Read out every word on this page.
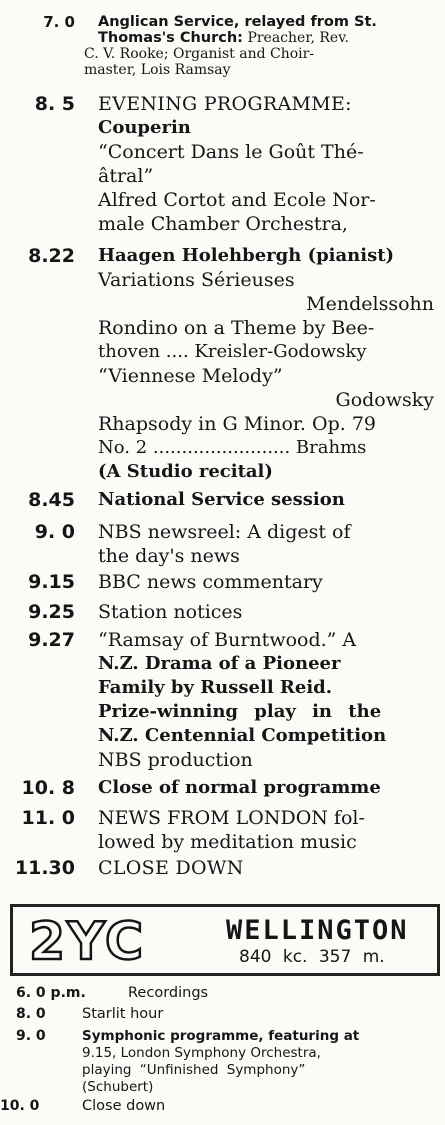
7. 0 Anglican Service, relayed from St.
Thomas's Church: Preacher, Rev.
C. V. Rooke; Organist and Choir-
master, Lois Ramsay
8. 5 EVENING PROGRAMME:
Couperin
“Concert Dans le Goût Thé-
âtral”
Alfred Cortot and Ecole Nor-
male Chamber Orchestra,
8.22 Haagen Holehbergh (pianist)
Variations Sérieuses
Mendelssohn
Rondino on a Theme by Bee-
thoven .... Kreisler-Godowsky
“Viennese Melody”
Godowsky
Rhapsody in G Minor. Op. 79
No. 2 ........................ Brahms
(A Studio recital)
8.45 National Service session
9. 0 NBS newsreel: A digest of
the day's news
9.15 BBC news commentary
9.25 Station notices
9.27 “Ramsay of Burntwood.” A
N.Z. Drama of a Pioneer
Family by Russell Reid.
Prize-winning play in the
N.Z. Centennial Competition
NBS production
10. 8 Close of normal programme
11. 0 NEWS FROM LONDON fol-
lowed by meditation music
11.30 CLOSE DOWN
2YC	WELLINGTON
840 kc. 357 m.
6. 0 p.m.	Recordings
8. 0	Starlit hour
9. 0	Symphonic programme, featuring at
9.15, London Symphony Orchestra,
playing “Unfinished Symphony”
(Schubert)
10. 0	Close down
